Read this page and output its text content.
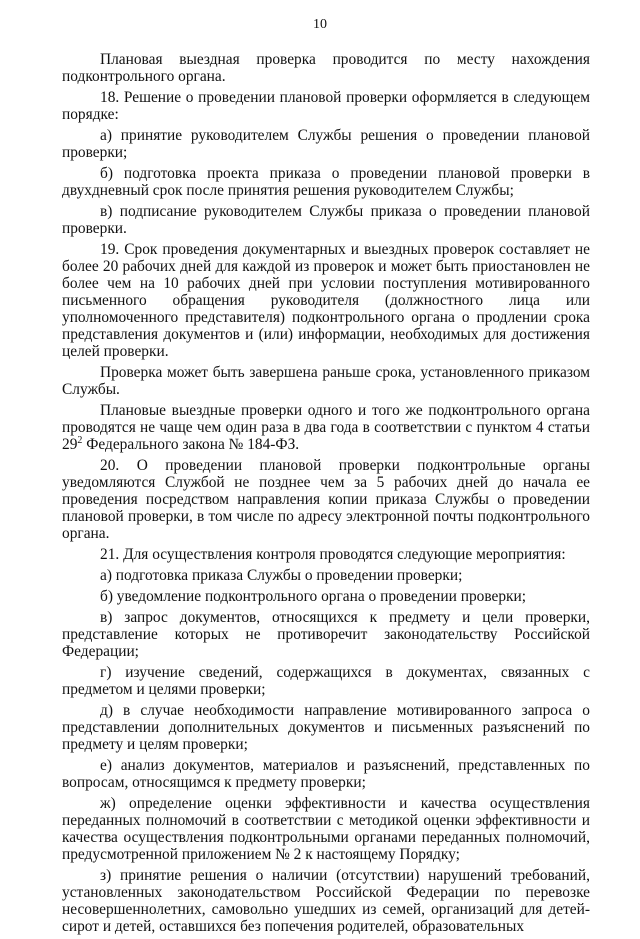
10

Плановая выездная проверка проводится по месту нахождения подконтрольного органа.

18. Решение о проведении плановой проверки оформляется в следующем порядке:

а) принятие руководителем Службы решения о проведении плановой проверки;

б) подготовка проекта приказа о проведении плановой проверки в двухдневный срок после принятия решения руководителем Службы;

в) подписание руководителем Службы приказа о проведении плановой проверки.

19. Срок проведения документарных и выездных проверок составляет не более 20 рабочих дней для каждой из проверок и может быть приостановлен не более чем на 10 рабочих дней при условии поступления мотивированного письменного обращения руководителя (должностного лица или уполномоченного представителя) подконтрольного органа о продлении срока представления документов и (или) информации, необходимых для достижения целей проверки.

Проверка может быть завершена раньше срока, установленного приказом Службы.

Плановые выездные проверки одного и того же подконтрольного органа проводятся не чаще чем один раза в два года в соответствии с пунктом 4 статьи $29^2$ Федерального закона № 184-ФЗ.

20. О проведении плановой проверки подконтрольные органы уведомляются Службой не позднее чем за 5 рабочих дней до начала ее проведения посредством направления копии приказа Службы о проведении плановой проверки, в том числе по адресу электронной почты подконтрольного органа.

21. Для осуществления контроля проводятся следующие мероприятия:

а) подготовка приказа Службы о проведении проверки;

б) уведомление подконтрольного органа о проведении проверки;

в) запрос документов, относящихся к предмету и цели проверки, представление которых не противоречит законодательству Российской Федерации;

г) изучение сведений, содержащихся в документах, связанных с предметом и целями проверки;

д) в случае необходимости направление мотивированного запроса о представлении дополнительных документов и письменных разъяснений по предмету и целям проверки;

е) анализ документов, материалов и разъяснений, представленных по вопросам, относящимся к предмету проверки;

ж) определение оценки эффективности и качества осуществления переданных полномочий в соответствии с методикой оценки эффективности и качества осуществления подконтрольными органами переданных полномочий, предусмотренной приложением № 2 к настоящему Порядку;

з) принятие решения о наличии (отсутствии) нарушений требований, установленных законодательством Российской Федерации по перевозке несовершеннолетних, самовольно ушедших из семей, организаций для детей-сирот и детей, оставшихся без попечения родителей, образовательных
